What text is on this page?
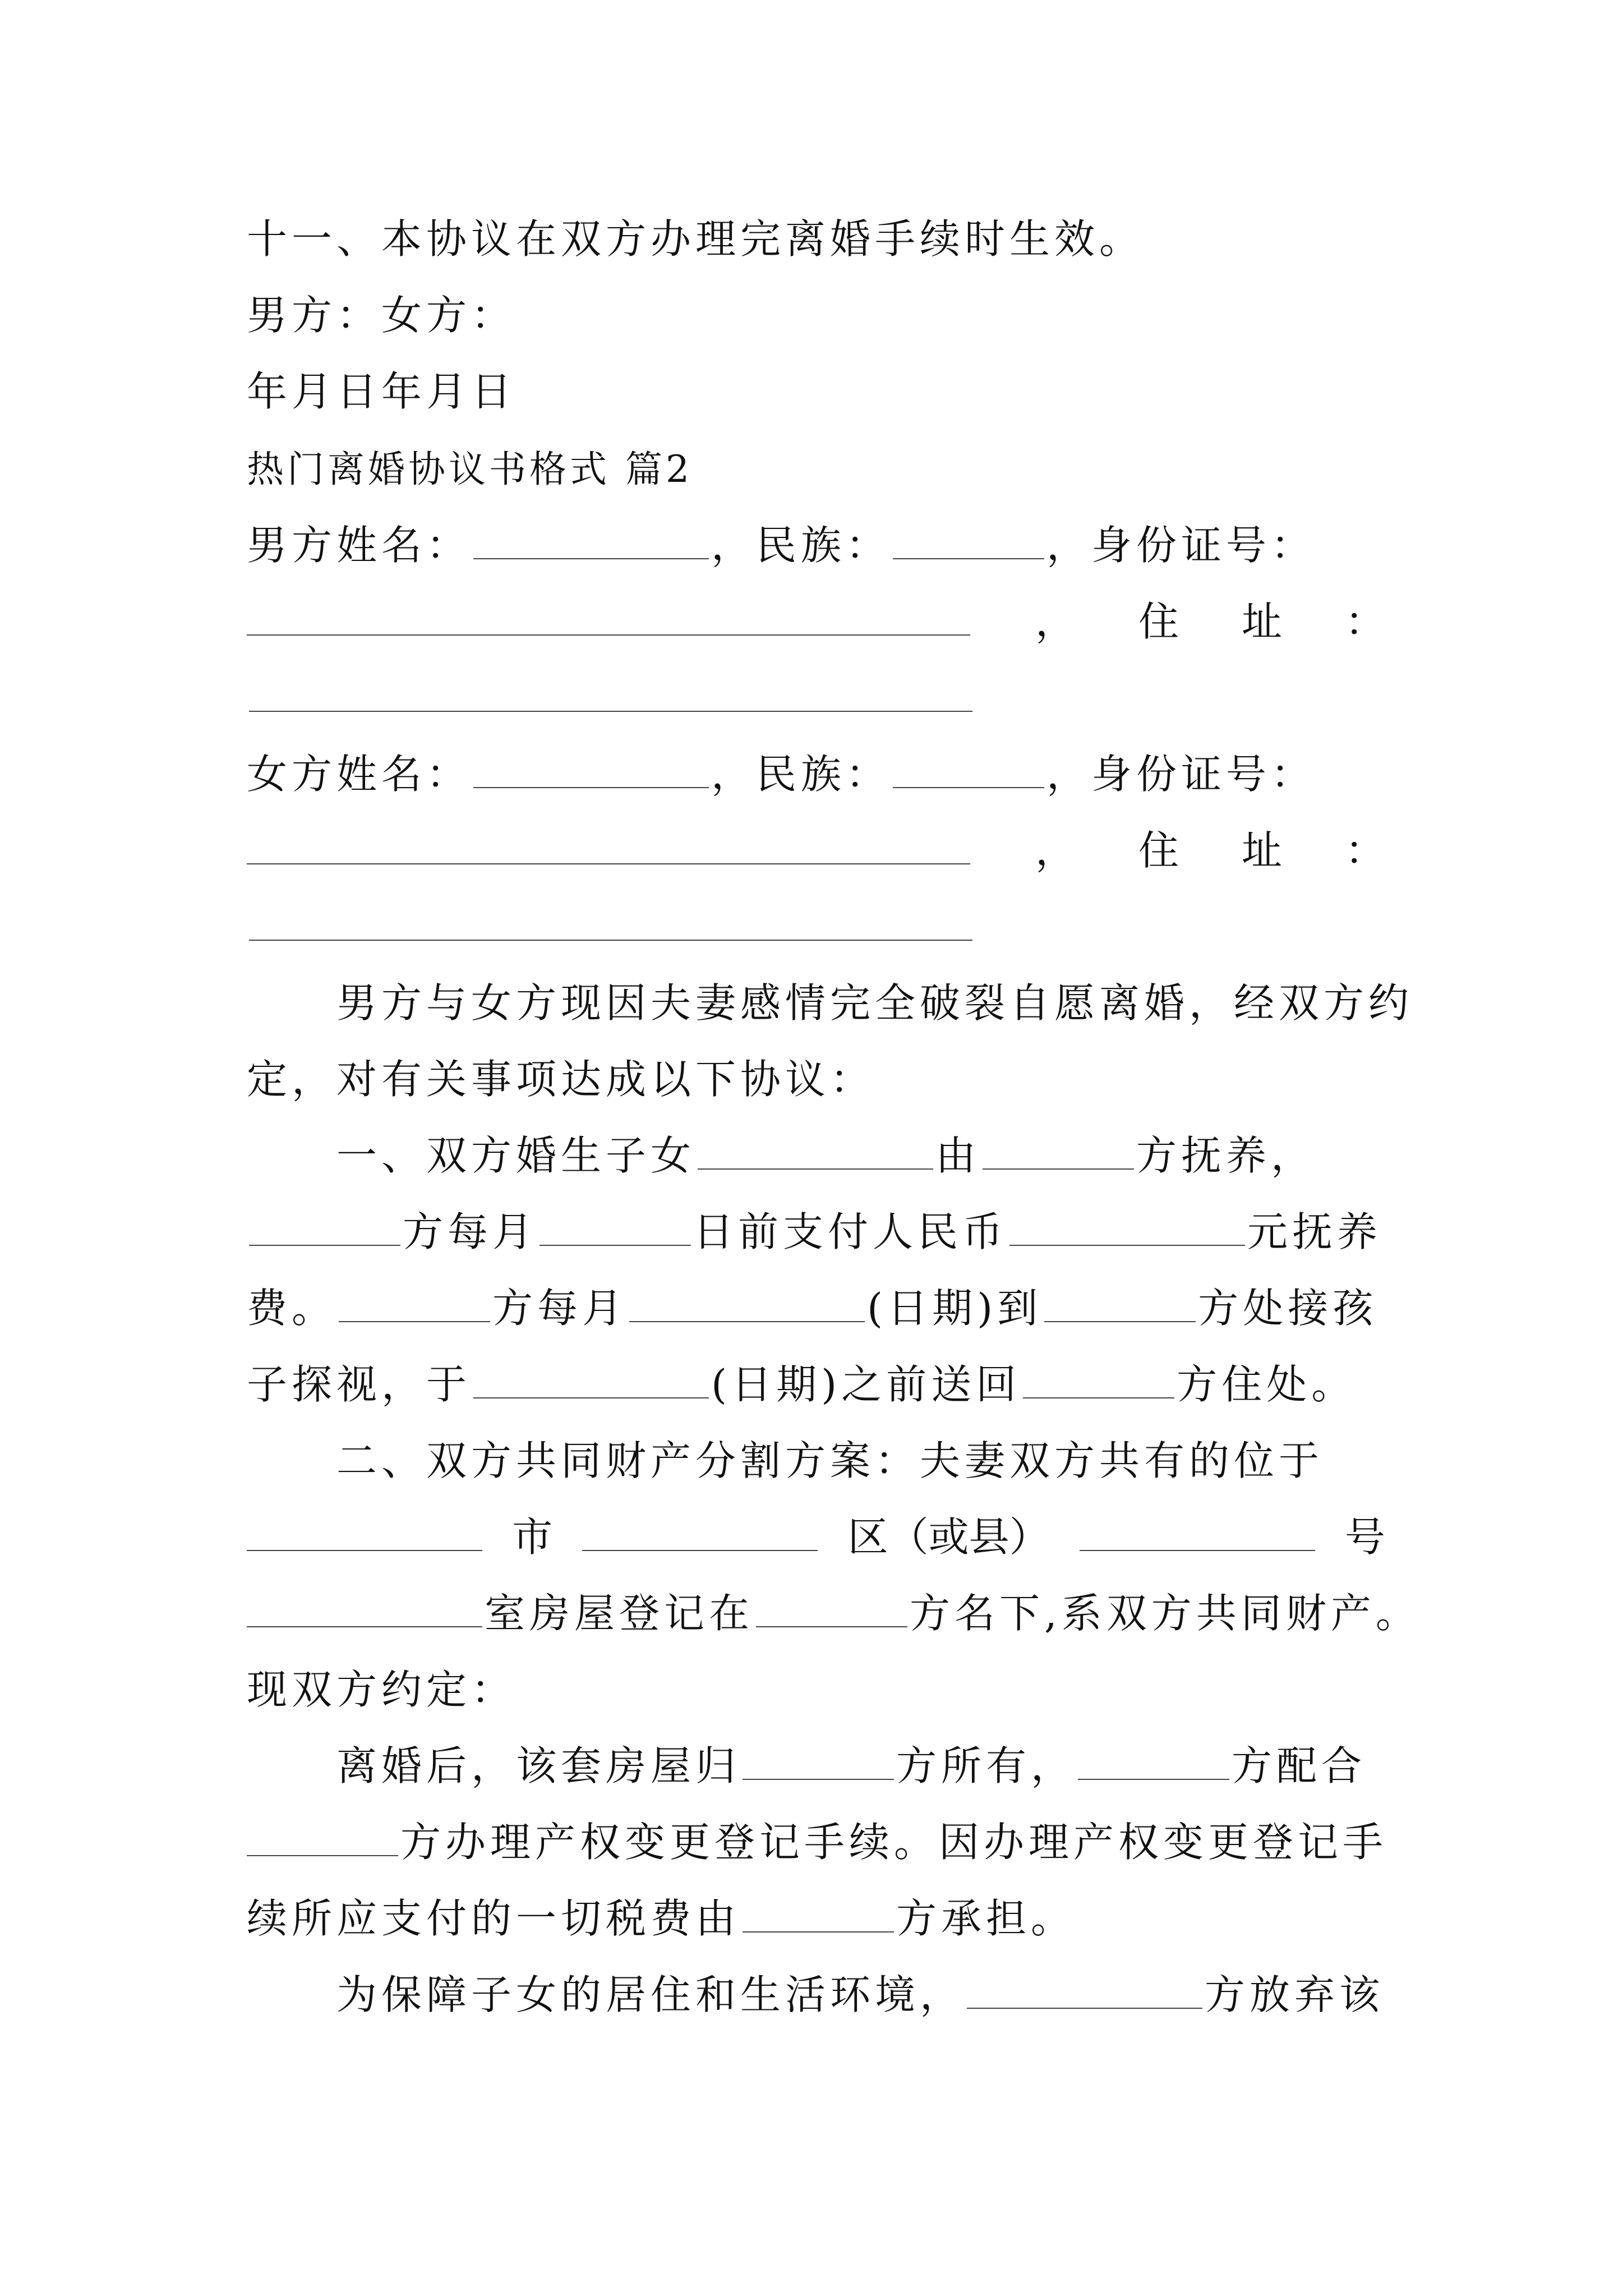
十一、本协议在双方办理完离婚手续时生效。
男方：女方：
年月日年月日
热门离婚协议书格式 篇2
男方姓名：	，民族：	，身份证号：
， 住 址 ：
女方姓名：	，民族：	，身份证号：
， 住 址 ：
男方与女方现因夫妻感情完全破裂自愿离婚，经双方约
定，对有关事项达成以下协议：
一、双方婚生子女	由	方抚养，
方每月	日前支付人民币	元抚养
费。	方每月	(日期)到	方处接孩
子探视，于	(日期)之前送回	方住处。
二、双方共同财产分割方案：夫妻双方共有的位于
市	区（或县）	号
室房屋登记在	方名下,系双方共同财产。
现双方约定：
离婚后，该套房屋归	方所有，	方配合
方办理产权变更登记手续。因办理产权变更登记手
续所应支付的一切税费由	方承担。
为保障子女的居住和生活环境，	方放弃该
